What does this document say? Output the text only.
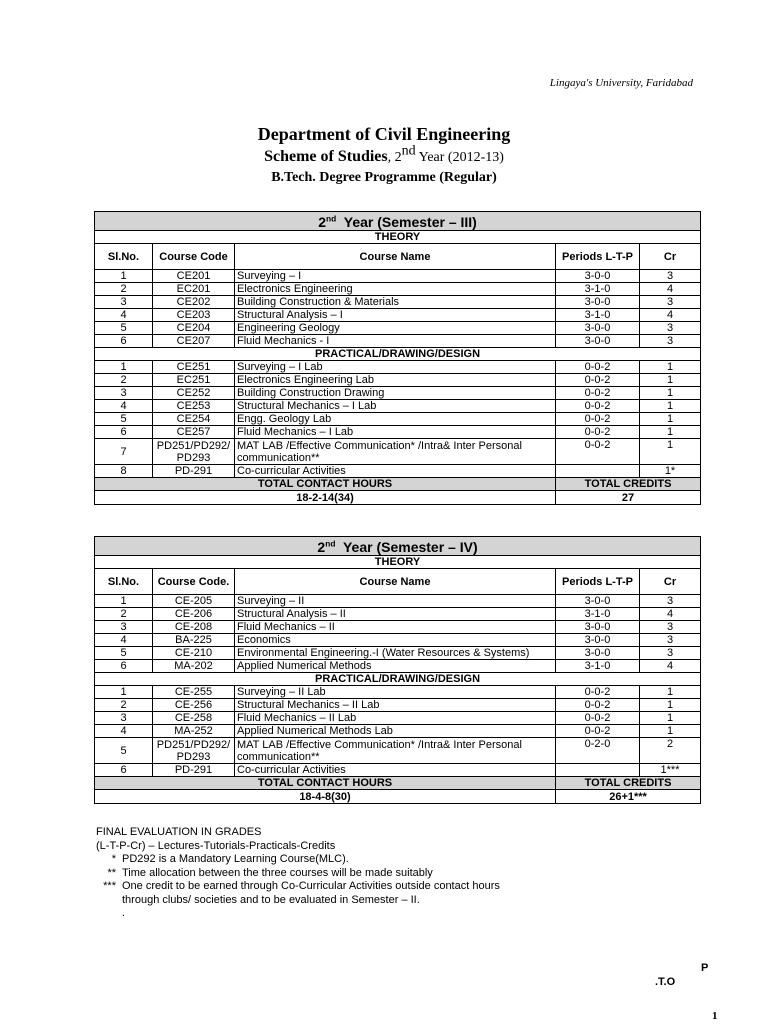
Lingaya's University, Faridabad
Department of Civil Engineering
Scheme of Studies, 2nd Year (2012-13)
B.Tech. Degree Programme (Regular)
2nd  Year (Semester – III)				
THEORY				
Sl.No.	Course Code	Course Name	Periods L-T-P	Cr
1	CE201	Surveying – I	3-0-0	3
2	EC201	Electronics Engineering	3-1-0	4
3	CE202	Building Construction & Materials	3-0-0	3
4	CE203	Structural Analysis – I	3-1-0	4
5	CE204	Engineering Geology	3-0-0	3
6	CE207	Fluid Mechanics - I	3-0-0	3
PRACTICAL/DRAWING/DESIGN				
1	CE251	Surveying – I Lab	0-0-2	1
2	EC251	Electronics Engineering Lab	0-0-2	1
3	CE252	Building Construction Drawing	0-0-2	1
4	CE253	Structural Mechanics – I Lab	0-0-2	1
5	CE254	Engg. Geology Lab	0-0-2	1
6	CE257	Fluid Mechanics – I Lab	0-0-2	1
7	PD251/PD292/ PD293	MAT LAB /Effective Communication* /Intra& Inter Personal communication**	0-0-2	1
8	PD-291	Co-curricular Activities		1*
TOTAL CONTACT HOURS			TOTAL CREDITS	
18-2-14(34)			27	
2nd  Year (Semester – IV)				
THEORY				
Sl.No.	Course Code.	Course Name	Periods L-T-P	Cr
1	CE-205	Surveying – II	3-0-0	3
2	CE-206	Structural Analysis – II	3-1-0	4
3	CE-208	Fluid Mechanics – II	3-0-0	3
4	BA-225	Economics	3-0-0	3
5	CE-210	Environmental Engineering.-I (Water Resources & Systems)	3-0-0	3
6	MA-202	Applied Numerical Methods	3-1-0	4
PRACTICAL/DRAWING/DESIGN				
1	CE-255	Surveying – II Lab	0-0-2	1
2	CE-256	Structural Mechanics – II Lab	0-0-2	1
3	CE-258	Fluid Mechanics – II Lab	0-0-2	1
4	MA-252	Applied Numerical Methods Lab	0-0-2	1
5	PD251/PD292/ PD293	MAT LAB /Effective Communication* /Intra& Inter Personal communication**	0-2-0	2
6	PD-291	Co-curricular Activities		1***
TOTAL CONTACT HOURS			TOTAL CREDITS	
18-4-8(30)			26+1***	
FINAL EVALUATION IN GRADES
(L-T-P-Cr) – Lectures-Tutorials-Practicals-Credits
* PD292 is a Mandatory Learning Course(MLC).
** Time allocation between the three courses will be made suitably
*** One credit to be earned through Co-Curricular Activities outside contact hours
through clubs/ societies and to be evaluated in Semester – II.
.
P
.T.O
1
